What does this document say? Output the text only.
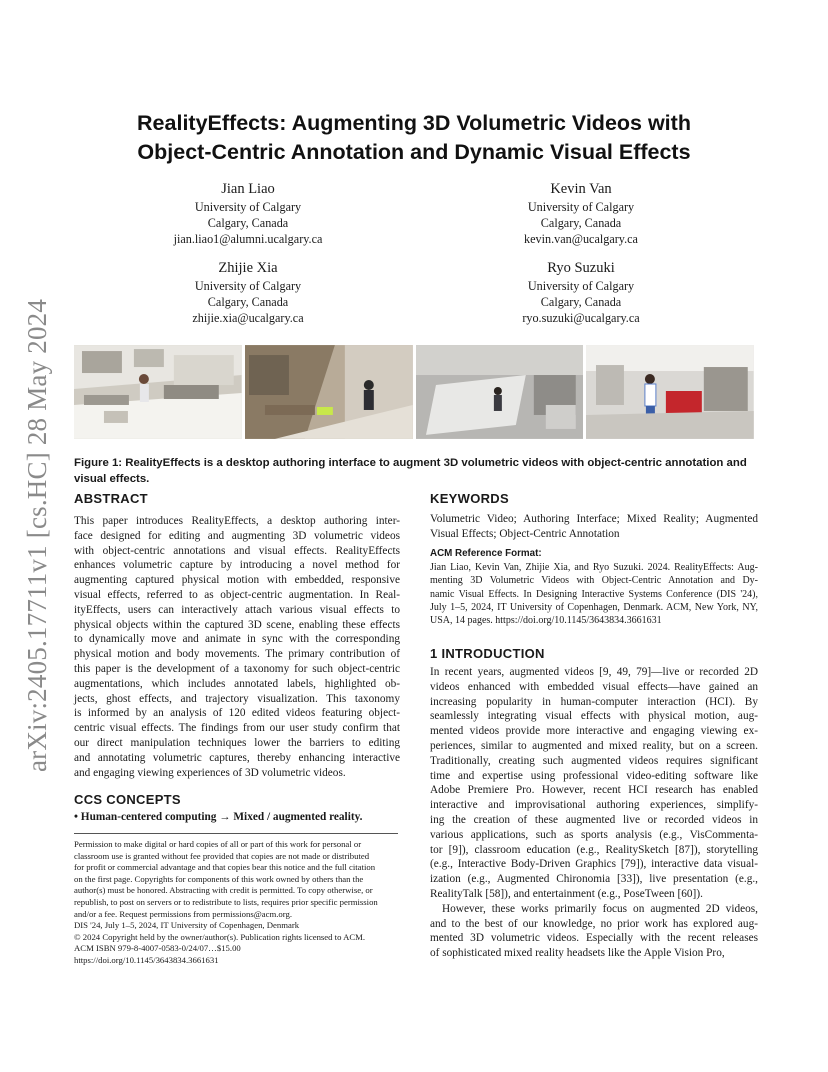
arXiv:2405.17711v1 [cs.HC] 28 May 2024
RealityEffects: Augmenting 3D Volumetric Videos with
Object-Centric Annotation and Dynamic Visual Effects
Jian Liao
University of Calgary
Calgary, Canada
jian.liao1@alumni.ucalgary.ca
Kevin Van
University of Calgary
Calgary, Canada
kevin.van@ucalgary.ca
Zhijie Xia
University of Calgary
Calgary, Canada
zhijie.xia@ucalgary.ca
Ryo Suzuki
University of Calgary
Calgary, Canada
ryo.suzuki@ucalgary.ca
Figure 1: RealityEffects is a desktop authoring interface to augment 3D volumetric videos with object-centric annotation and
visual effects.
ABSTRACT
This paper introduces RealityEffects, a desktop authoring inter-
face designed for editing and augmenting 3D volumetric videos
with object-centric annotations and visual effects. RealityEffects
enhances volumetric capture by introducing a novel method for
augmenting captured physical motion with embedded, responsive
visual effects, referred to as object-centric augmentation. In Real-
ityEffects, users can interactively attach various visual effects to
physical objects within the captured 3D scene, enabling these effects
to dynamically move and animate in sync with the corresponding
physical motion and body movements. The primary contribution of
this paper is the development of a taxonomy for such object-centric
augmentations, which includes annotated labels, highlighted ob-
jects, ghost effects, and trajectory visualization. This taxonomy
is informed by an analysis of 120 edited videos featuring object-
centric visual effects. The findings from our user study confirm that
our direct manipulation techniques lower the barriers to editing
and annotating volumetric captures, thereby enhancing interactive
and engaging viewing experiences of 3D volumetric videos.
CCS CONCEPTS
• Human-centered computing → Mixed / augmented reality.
Permission to make digital or hard copies of all or part of this work for personal or
classroom use is granted without fee provided that copies are not made or distributed
for profit or commercial advantage and that copies bear this notice and the full citation
on the first page. Copyrights for components of this work owned by others than the
author(s) must be honored. Abstracting with credit is permitted. To copy otherwise, or
republish, to post on servers or to redistribute to lists, requires prior specific permission
and/or a fee. Request permissions from permissions@acm.org.
DIS '24, July 1–5, 2024, IT University of Copenhagen, Denmark
© 2024 Copyright held by the owner/author(s). Publication rights licensed to ACM.
ACM ISBN 979-8-4007-0583-0/24/07…$15.00
https://doi.org/10.1145/3643834.3661631
KEYWORDS
Volumetric Video; Authoring Interface; Mixed Reality; Augmented
Visual Effects; Object-Centric Annotation
ACM Reference Format:
Jian Liao, Kevin Van, Zhijie Xia, and Ryo Suzuki. 2024. RealityEffects: Aug-
menting 3D Volumetric Videos with Object-Centric Annotation and Dy-
namic Visual Effects. In Designing Interactive Systems Conference (DIS '24),
July 1–5, 2024, IT University of Copenhagen, Denmark. ACM, New York, NY,
USA, 14 pages. https://doi.org/10.1145/3643834.3661631
1 INTRODUCTION
In recent years, augmented videos [9, 49, 79]—live or recorded 2D
videos enhanced with embedded visual effects—have gained an
increasing popularity in human-computer interaction (HCI). By
seamlessly integrating visual effects with physical motion, aug-
mented videos provide more interactive and engaging viewing ex-
periences, similar to augmented and mixed reality, but on a screen.
Traditionally, creating such augmented videos requires significant
time and expertise using professional video-editing software like
Adobe Premiere Pro. However, recent HCI research has enabled
interactive and improvisational authoring experiences, simplify-
ing the creation of these augmented live or recorded videos in
various applications, such as sports analysis (e.g., VisCommenta-
tor [9]), classroom education (e.g., RealitySketch [87]), storytelling
(e.g., Interactive Body-Driven Graphics [79]), interactive data visual-
ization (e.g., Augmented Chironomia [33]), live presentation (e.g.,
RealityTalk [58]), and entertainment (e.g., PoseTween [60]).
However, these works primarily focus on augmented 2D videos,
and to the best of our knowledge, no prior work has explored aug-
mented 3D volumetric videos. Especially with the recent releases
of sophisticated mixed reality headsets like the Apple Vision Pro,
